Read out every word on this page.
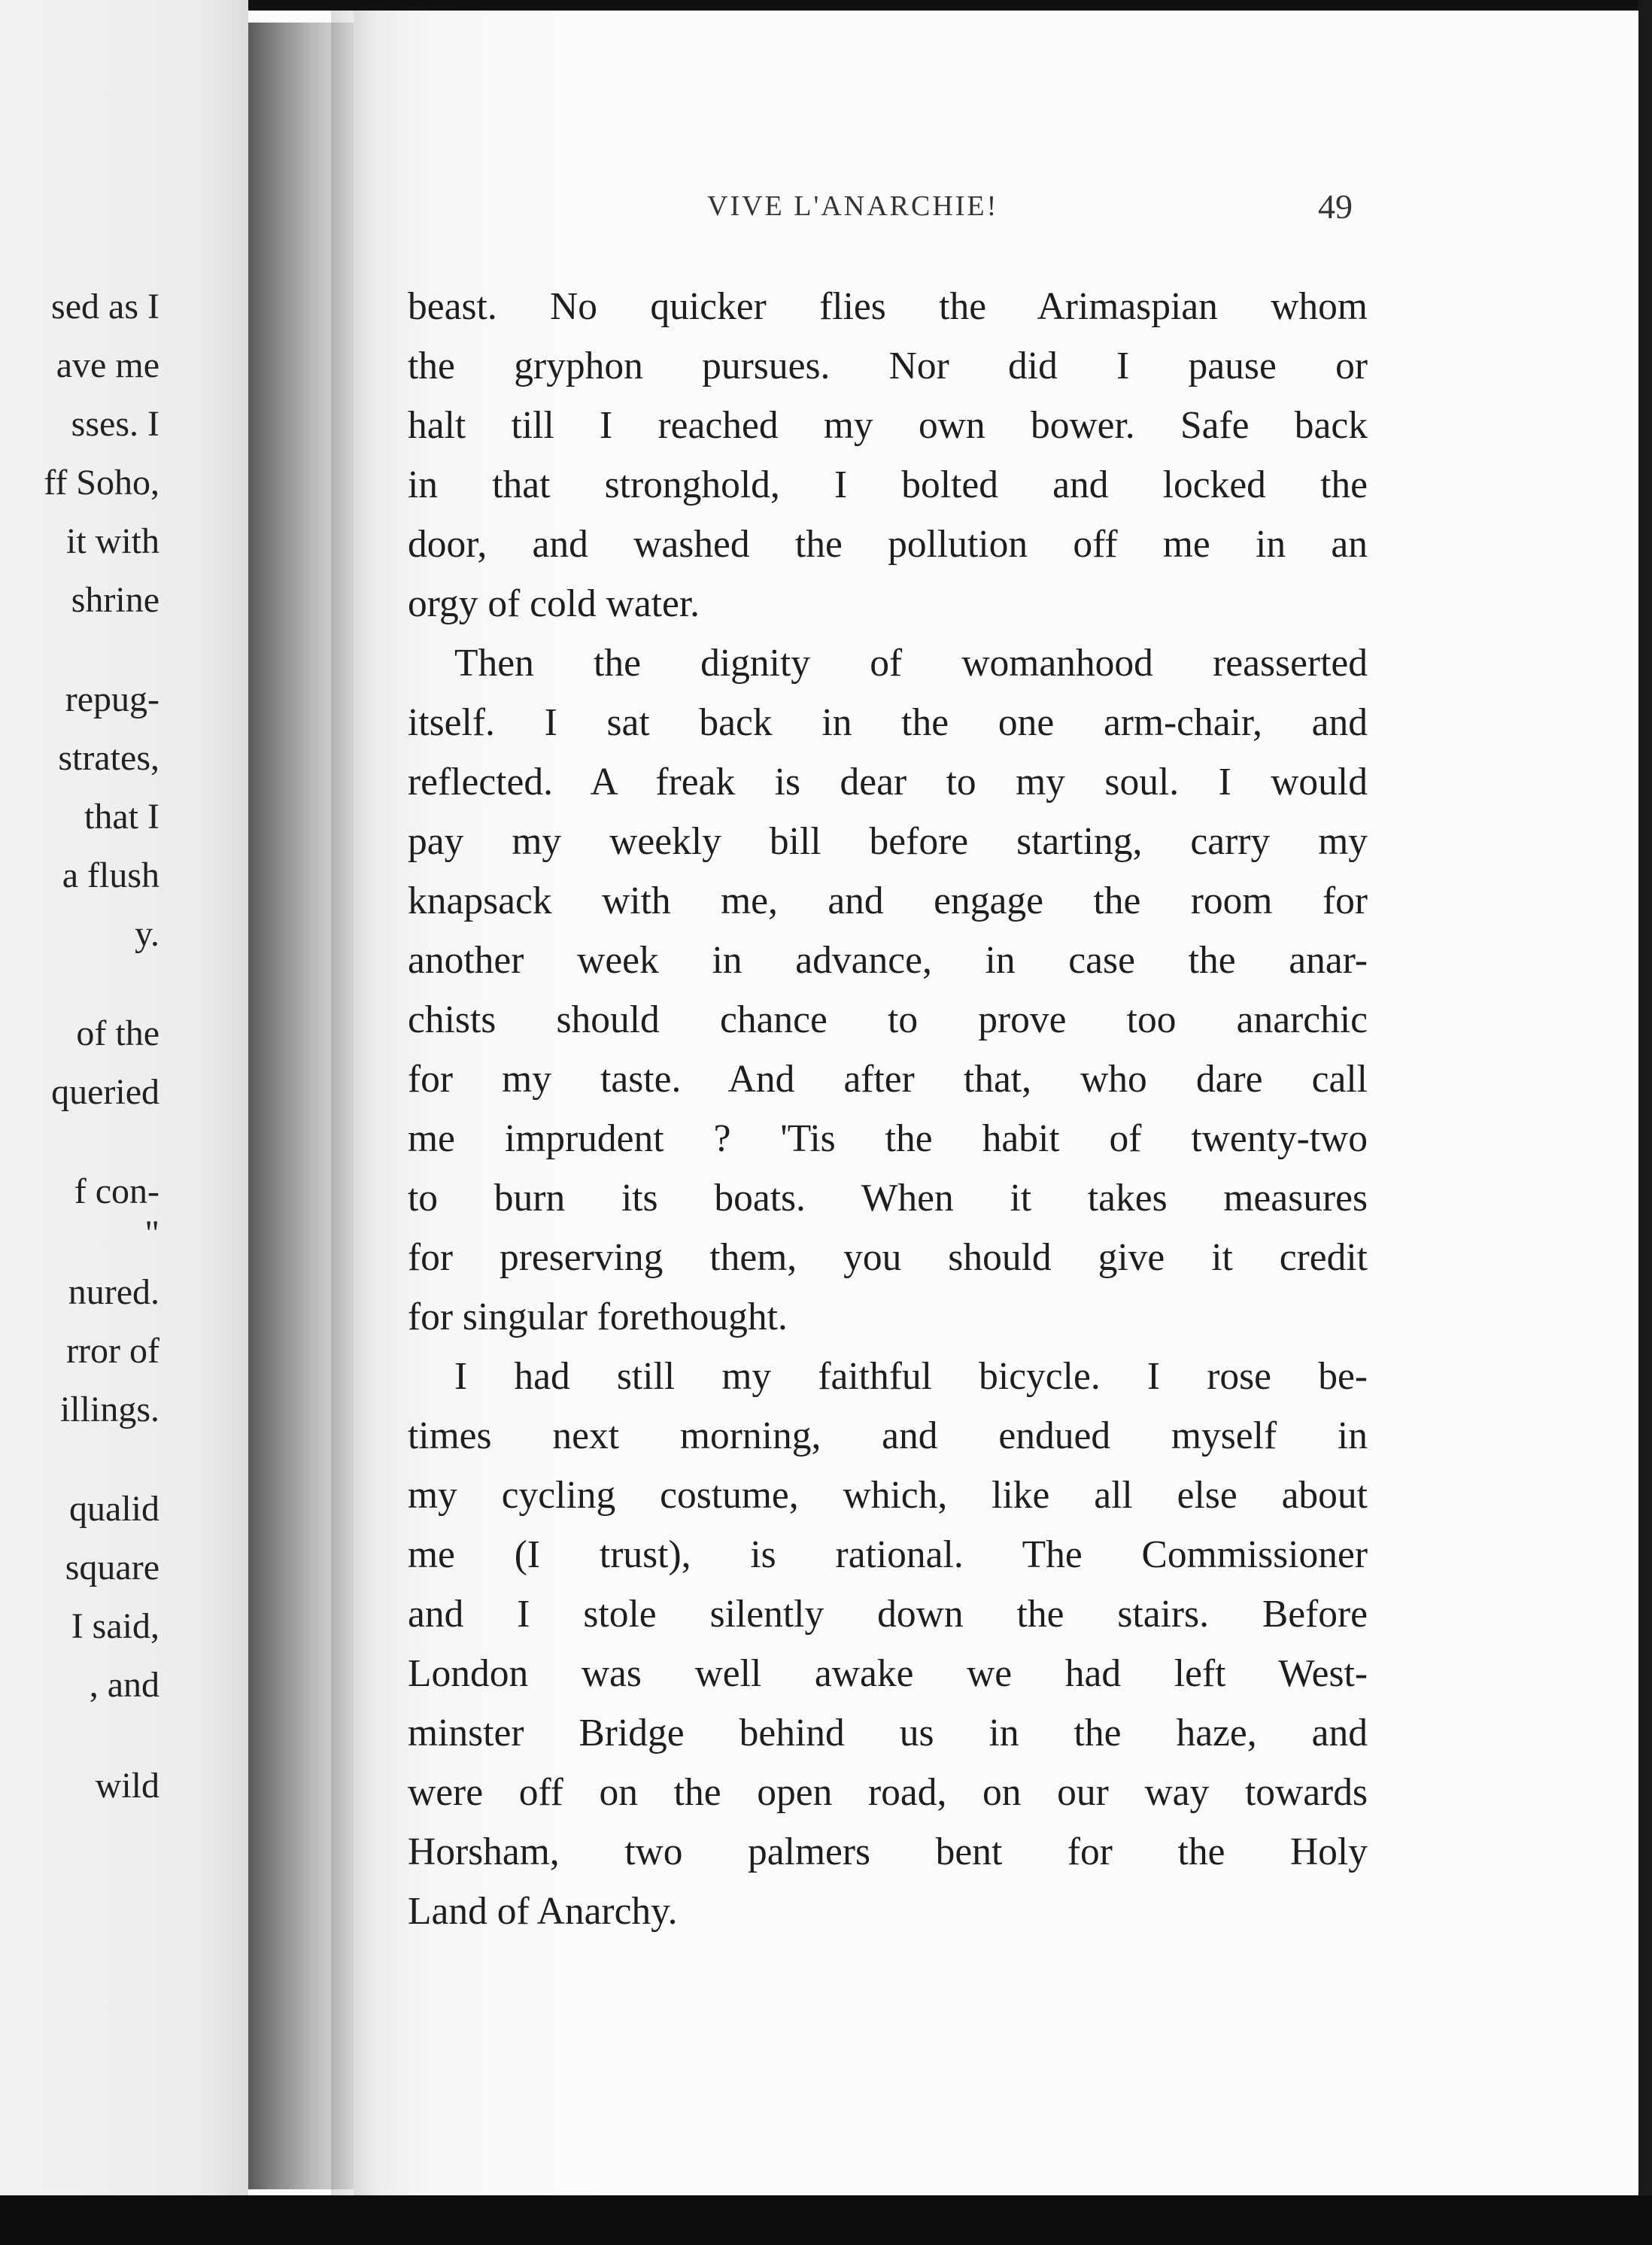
sed as I
ave me
sses. I
ff Soho,
it with
shrine
repug-
strates,
that I
a flush
y.
of the
queried
f con-
"
nured.
rror of
illings.
qualid
square
I said,
, and
wild
VIVE L'ANARCHIE!	49
beast. No quicker flies the Arimaspian whom
the gryphon pursues. Nor did I pause or
halt till I reached my own bower. Safe back
in that stronghold, I bolted and locked the
door, and washed the pollution off me in an
orgy of cold water.
Then the dignity of womanhood reasserted
itself. I sat back in the one arm-chair, and
reflected. A freak is dear to my soul. I would
pay my weekly bill before starting, carry my
knapsack with me, and engage the room for
another week in advance, in case the anar-
chists should chance to prove too anarchic
for my taste. And after that, who dare call
me imprudent ? 'Tis the habit of twenty-two
to burn its boats. When it takes measures
for preserving them, you should give it credit
for singular forethought.
I had still my faithful bicycle. I rose be-
times next morning, and endued myself in
my cycling costume, which, like all else about
me (I trust), is rational. The Commissioner
and I stole silently down the stairs. Before
London was well awake we had left West-
minster Bridge behind us in the haze, and
were off on the open road, on our way towards
Horsham, two palmers bent for the Holy
Land of Anarchy.
